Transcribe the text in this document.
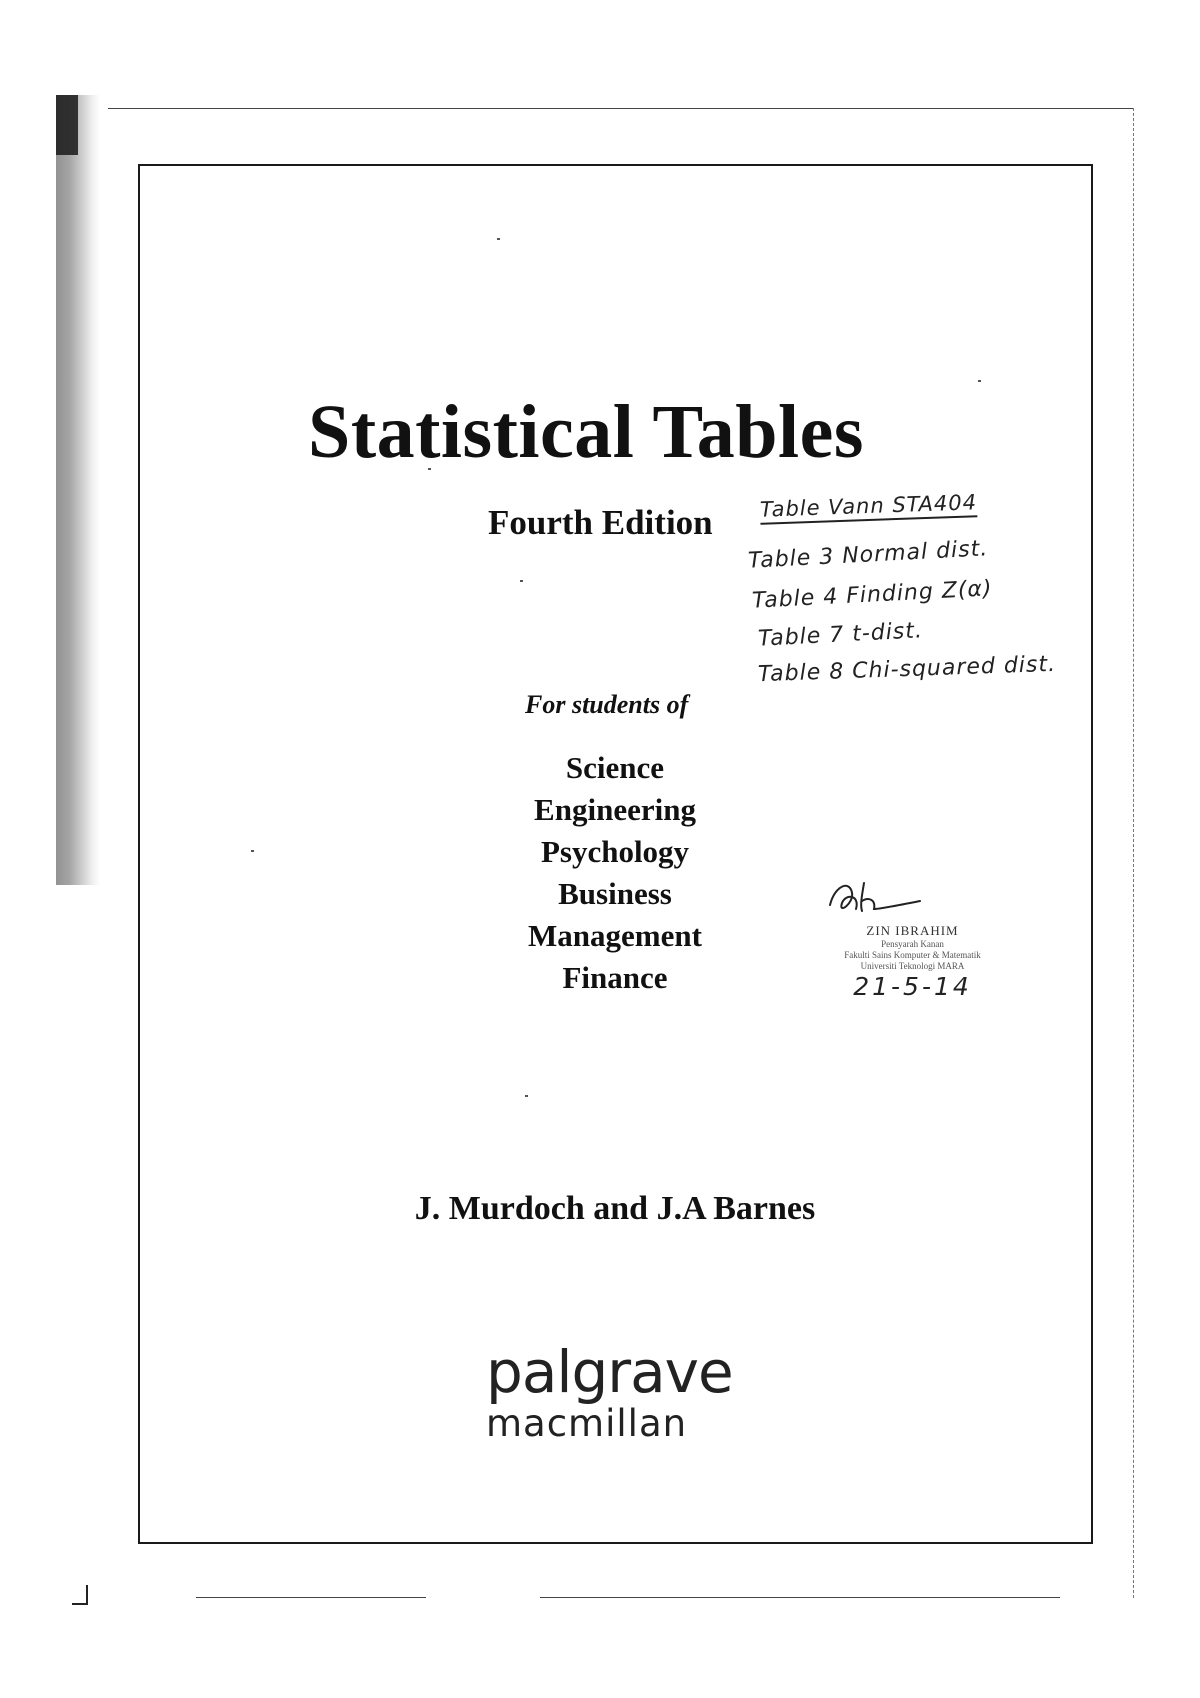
Statistical Tables
Fourth Edition
For students of
Science
Engineering
Psychology
Business
Management
Finance
J. Murdoch and J.A Barnes
palgrave
macmillan
Table Vann STA404
Table 3 Normal dist.
Table 4 Finding Z(α)
Table 7 t-dist.
Table 8 Chi-squared dist.
ZIN IBRAHIM
Pensyarah Kanan
Fakulti Sains Komputer & Matematik
Universiti Teknologi MARA
21-5-14
